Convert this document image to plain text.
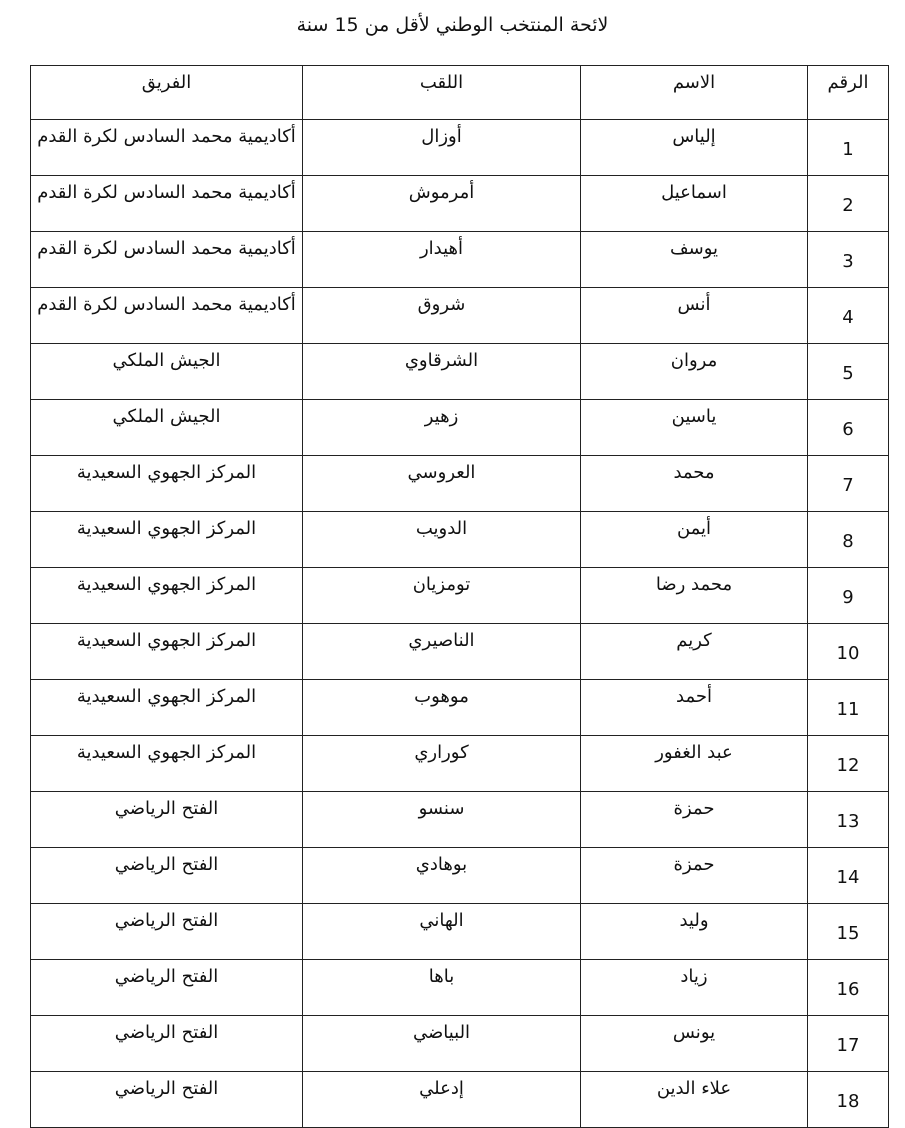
لائحة المنتخب الوطني لأقل من 15 سنة
الرقم	الاسم	اللقب	الفريق
1	إلياس	أوزال	أكاديمية محمد السادس لكرة القدم
2	اسماعيل	أمرموش	أكاديمية محمد السادس لكرة القدم
3	يوسف	أهيدار	أكاديمية محمد السادس لكرة القدم
4	أنس	شروق	أكاديمية محمد السادس لكرة القدم
5	مروان	الشرقاوي	الجيش الملكي
6	ياسين	زهير	الجيش الملكي
7	محمد	العروسي	المركز الجهوي السعيدية
8	أيمن	الدويب	المركز الجهوي السعيدية
9	محمد رضا	تومزيان	المركز الجهوي السعيدية
10	كريم	الناصيري	المركز الجهوي السعيدية
11	أحمد	موهوب	المركز الجهوي السعيدية
12	عبد الغفور	كوراري	المركز الجهوي السعيدية
13	حمزة	سنسو	الفتح الرياضي
14	حمزة	بوهادي	الفتح الرياضي
15	وليد	الهاني	الفتح الرياضي
16	زياد	باها	الفتح الرياضي
17	يونس	البياضي	الفتح الرياضي
18	علاء الدين	إدعلي	الفتح الرياضي
